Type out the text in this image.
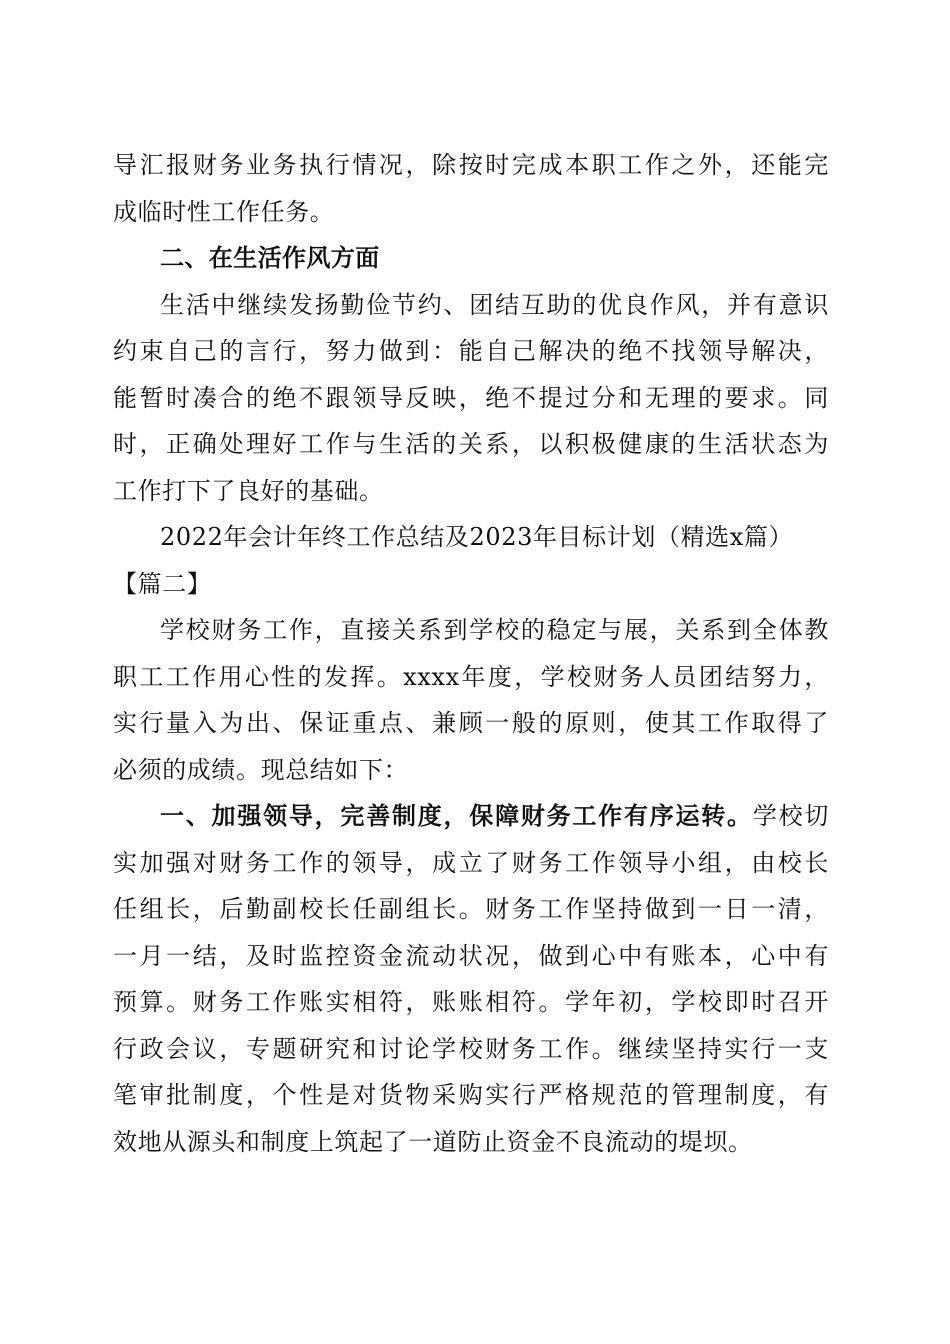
导汇报财务业务执行情况，除按时完成本职工作之外，还能完
成临时性工作任务。
二、在生活作风方面
生活中继续发扬勤俭节约、团结互助的优良作风，并有意识
约束自己的言行，努力做到：能自己解决的绝不找领导解决，
能暂时凑合的绝不跟领导反映，绝不提过分和无理的要求。同
时，正确处理好工作与生活的关系，以积极健康的生活状态为
工作打下了良好的基础。
2022年会计年终工作总结及2023年目标计划（精选x篇）
【篇二】
学校财务工作，直接关系到学校的稳定与展，关系到全体教
职工工作用心性的发挥。xxxx年度，学校财务人员团结努力，
实行量入为出、保证重点、兼顾一般的原则，使其工作取得了
必须的成绩。现总结如下：
一、加强领导，完善制度，保障财务工作有序运转。学校切
实加强对财务工作的领导，成立了财务工作领导小组，由校长
任组长，后勤副校长任副组长。财务工作坚持做到一日一清，
一月一结，及时监控资金流动状况，做到心中有账本，心中有
预算。财务工作账实相符，账账相符。学年初，学校即时召开
行政会议，专题研究和讨论学校财务工作。继续坚持实行一支
笔审批制度，个性是对货物采购实行严格规范的管理制度，有
效地从源头和制度上筑起了一道防止资金不良流动的堤坝。
